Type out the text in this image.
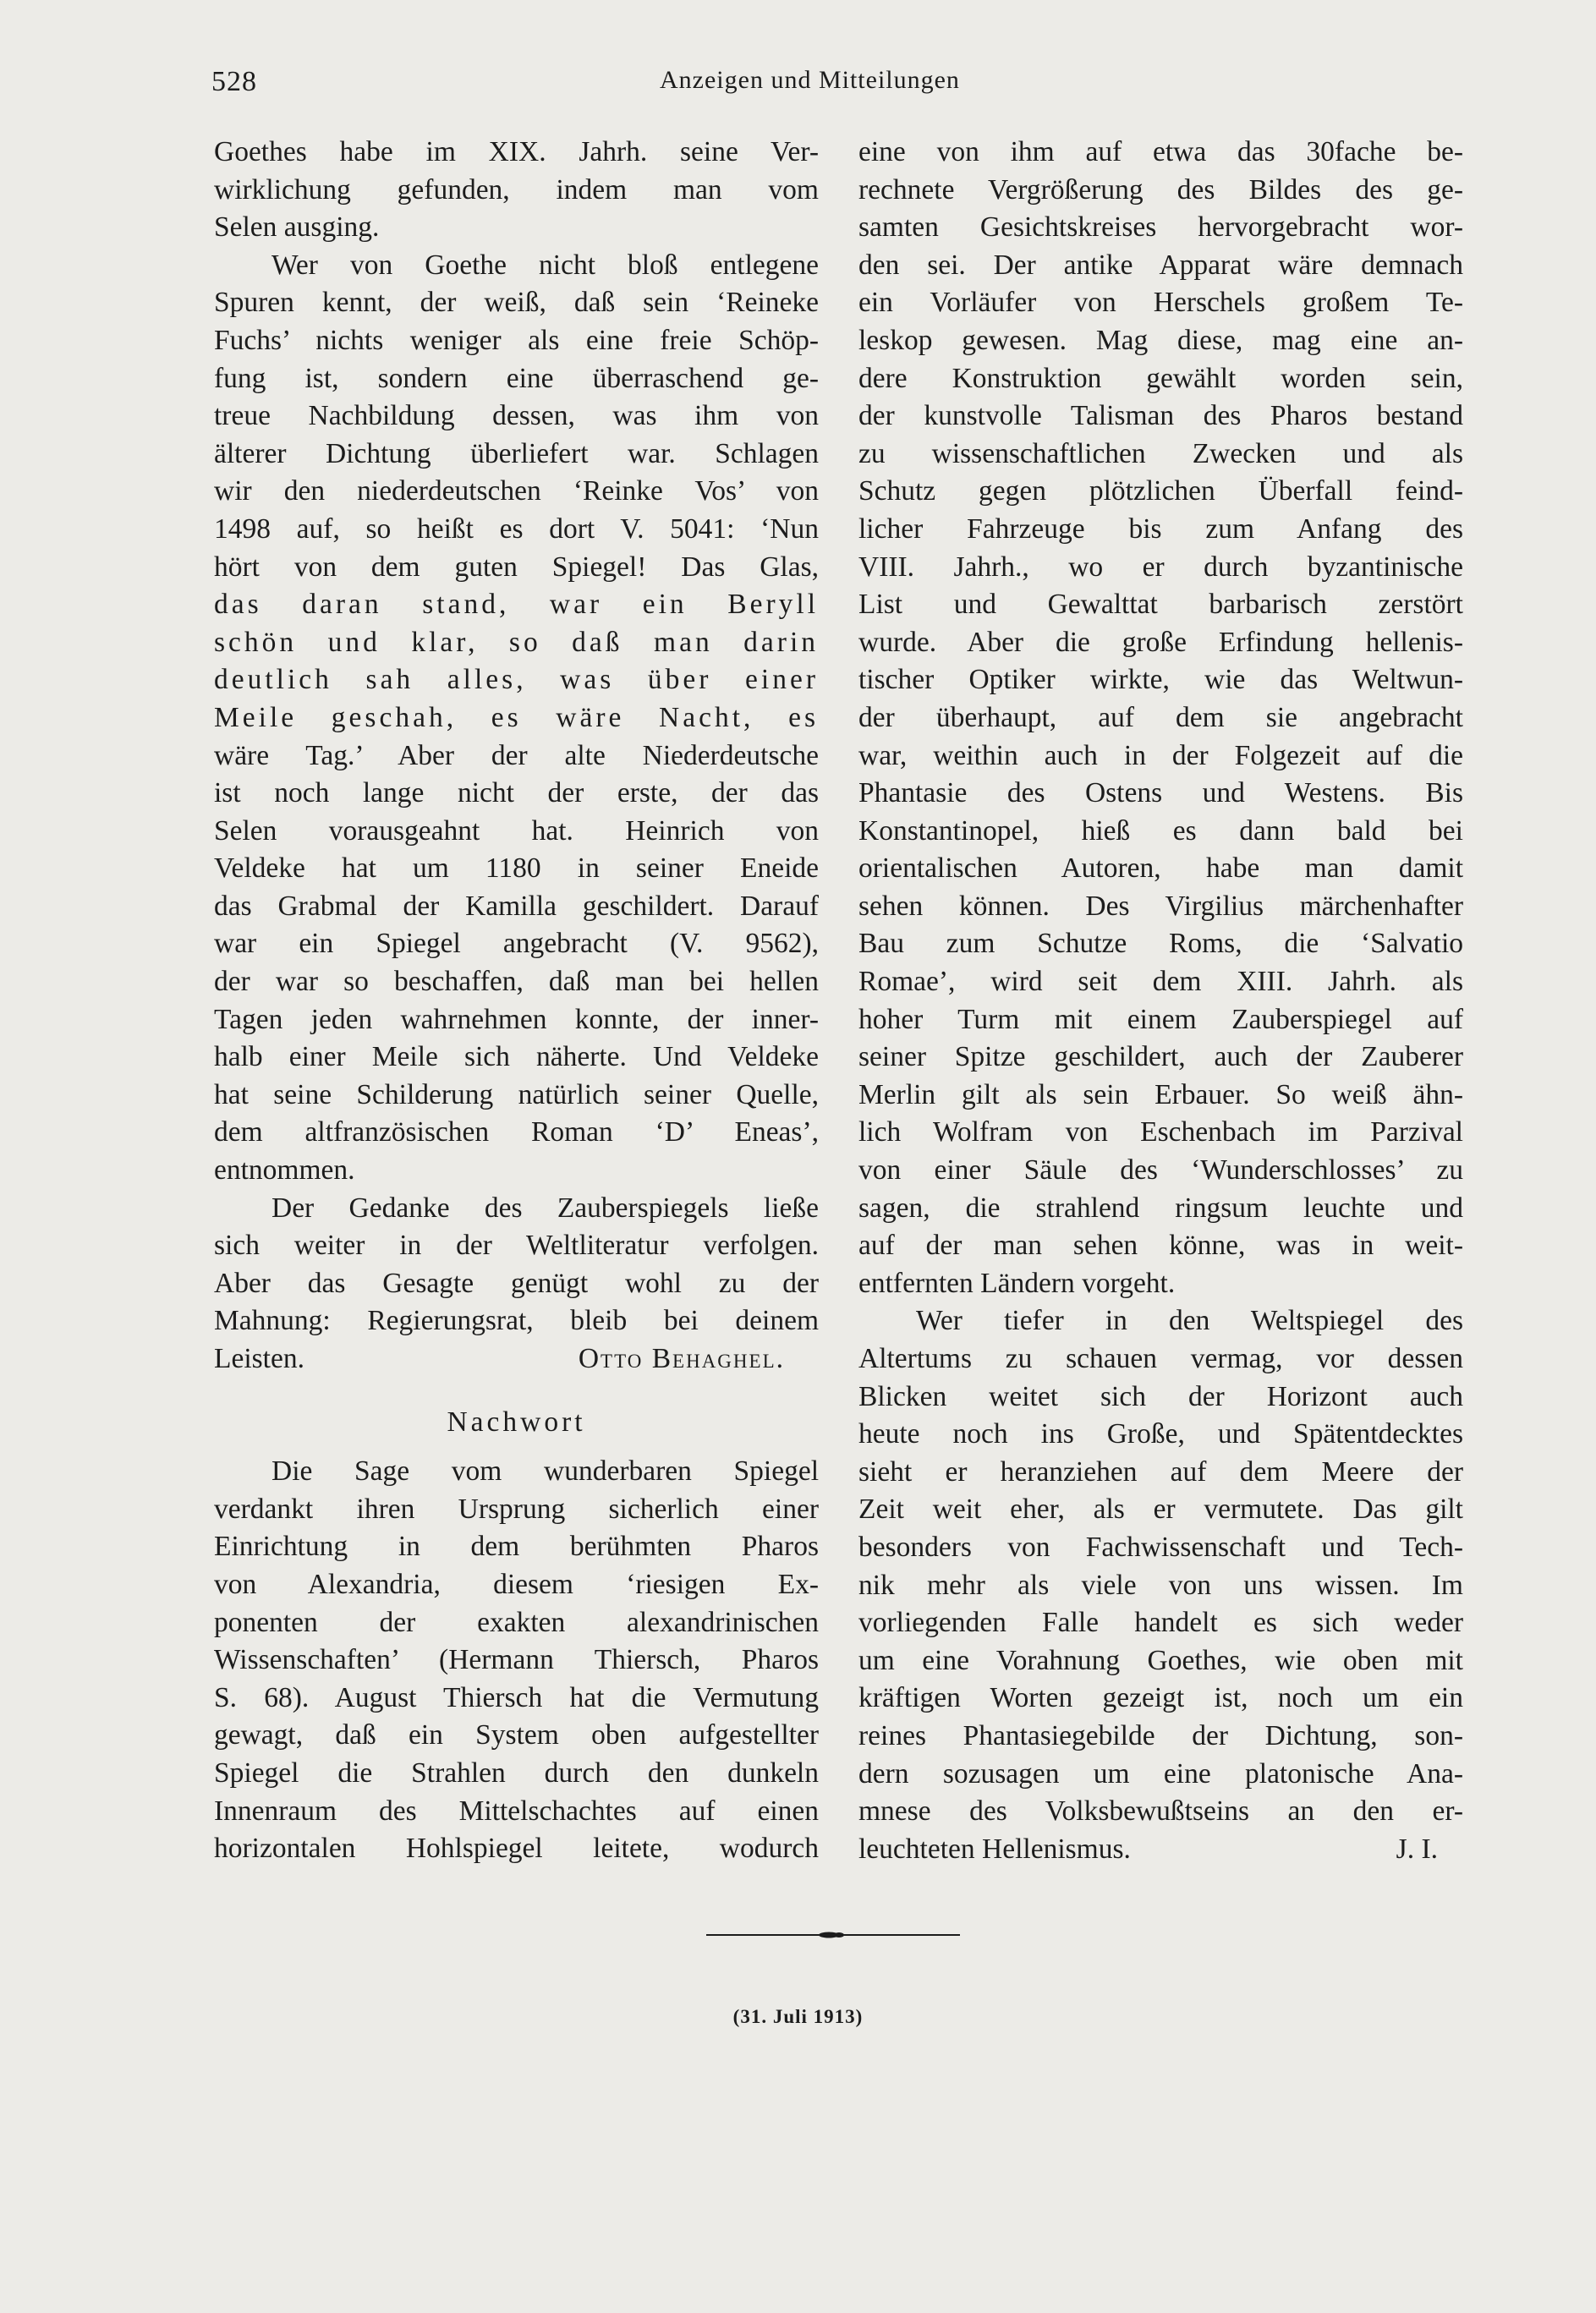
528	Anzeigen und Mitteilungen
Goethes habe im XIX. Jahrh. seine Ver-
wirklichung gefunden, indem man vom
Selen ausging.
Wer von Goethe nicht bloß entlegene
Spuren kennt, der weiß, daß sein ‘Reineke
Fuchs’ nichts weniger als eine freie Schöp-
fung ist, sondern eine überraschend ge-
treue Nachbildung dessen, was ihm von
älterer Dichtung überliefert war. Schlagen
wir den niederdeutschen ‘Reinke Vos’ von
1498 auf, so heißt es dort V. 5041: ‘Nun
hört von dem guten Spiegel! Das Glas,
das daran stand, war ein Beryll
schön und klar, so daß man darin
deutlich sah alles, was über einer
Meile geschah, es wäre Nacht, es
wäre Tag.’ Aber der alte Niederdeutsche
ist noch lange nicht der erste, der das
Selen vorausgeahnt hat. Heinrich von
Veldeke hat um 1180 in seiner Eneide
das Grabmal der Kamilla geschildert. Darauf
war ein Spiegel angebracht (V. 9562),
der war so beschaffen, daß man bei hellen
Tagen jeden wahrnehmen konnte, der inner-
halb einer Meile sich näherte. Und Veldeke
hat seine Schilderung natürlich seiner Quelle,
dem altfranzösischen Roman ‘D’ Eneas’,
entnommen.
Der Gedanke des Zauberspiegels ließe
sich weiter in der Weltliteratur verfolgen.
Aber das Gesagte genügt wohl zu der
Mahnung: Regierungsrat, bleib bei deinem
Leisten.	Otto Behaghel.
Nachwort
Die Sage vom wunderbaren Spiegel
verdankt ihren Ursprung sicherlich einer
Einrichtung in dem berühmten Pharos
von Alexandria, diesem ‘riesigen Ex-
ponenten der exakten alexandrinischen
Wissenschaften’ (Hermann Thiersch, Pharos
S. 68). August Thiersch hat die Vermutung
gewagt, daß ein System oben aufgestellter
Spiegel die Strahlen durch den dunkeln
Innenraum des Mittelschachtes auf einen
horizontalen Hohlspiegel leitete, wodurch
eine von ihm auf etwa das 30fache be-
rechnete Vergrößerung des Bildes des ge-
samten Gesichtskreises hervorgebracht wor-
den sei. Der antike Apparat wäre demnach
ein Vorläufer von Herschels großem Te-
leskop gewesen. Mag diese, mag eine an-
dere Konstruktion gewählt worden sein,
der kunstvolle Talisman des Pharos bestand
zu wissenschaftlichen Zwecken und als
Schutz gegen plötzlichen Überfall feind-
licher Fahrzeuge bis zum Anfang des
VIII. Jahrh., wo er durch byzantinische
List und Gewalttat barbarisch zerstört
wurde. Aber die große Erfindung hellenis-
tischer Optiker wirkte, wie das Weltwun-
der überhaupt, auf dem sie angebracht
war, weithin auch in der Folgezeit auf die
Phantasie des Ostens und Westens. Bis
Konstantinopel, hieß es dann bald bei
orientalischen Autoren, habe man damit
sehen können. Des Virgilius märchenhafter
Bau zum Schutze Roms, die ‘Salvatio
Romae’, wird seit dem XIII. Jahrh. als
hoher Turm mit einem Zauberspiegel auf
seiner Spitze geschildert, auch der Zauberer
Merlin gilt als sein Erbauer. So weiß ähn-
lich Wolfram von Eschenbach im Parzival
von einer Säule des ‘Wunderschlosses’ zu
sagen, die strahlend ringsum leuchte und
auf der man sehen könne, was in weit-
entfernten Ländern vorgeht.
Wer tiefer in den Weltspiegel des
Altertums zu schauen vermag, vor dessen
Blicken weitet sich der Horizont auch
heute noch ins Große, und Spätentdecktes
sieht er heranziehen auf dem Meere der
Zeit weit eher, als er vermutete. Das gilt
besonders von Fachwissenschaft und Tech-
nik mehr als viele von uns wissen. Im
vorliegenden Falle handelt es sich weder
um eine Vorahnung Goethes, wie oben mit
kräftigen Worten gezeigt ist, noch um ein
reines Phantasiegebilde der Dichtung, son-
dern sozusagen um eine platonische Ana-
mnese des Volksbewußtseins an den er-
leuchteten Hellenismus.	J. I.
(31. Juli 1913)
